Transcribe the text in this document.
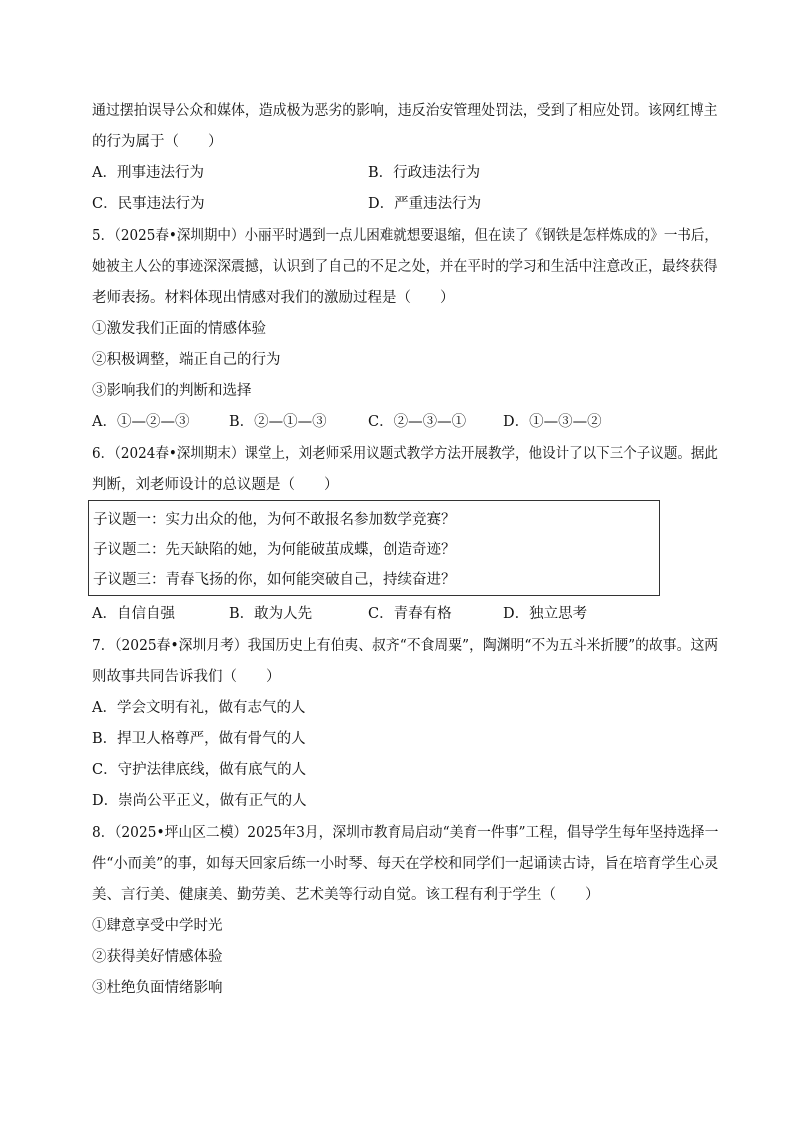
通过摆拍误导公众和媒体，造成极为恶劣的影响，违反治安管理处罚法，受到了相应处罚。该网红博主
的行为属于（　　）
A．刑事违法行为	B．行政违法行为
C．民事违法行为	D．严重违法行为
5．（2025春•深圳期中）小丽平时遇到一点儿困难就想要退缩，但在读了《钢铁是怎样炼成的》一书后，
她被主人公的事迹深深震撼，认识到了自己的不足之处，并在平时的学习和生活中注意改正，最终获得
老师表扬。材料体现出情感对我们的激励过程是（　　）
①激发我们正面的情感体验
②积极调整，端正自己的行为
③影响我们的判断和选择
A．①—②—③	B．②—①—③	C．②—③—①	D．①—③—②
6．（2024春•深圳期末）课堂上，刘老师采用议题式教学方法开展教学，他设计了以下三个子议题。据此
判断，刘老师设计的总议题是（　　）
子议题一：实力出众的他，为何不敢报名参加数学竞赛？
子议题二：先天缺陷的她，为何能破茧成蝶，创造奇迹？
子议题三：青春飞扬的你，如何能突破自己，持续奋进？
A．自信自强	B．敢为人先	C．青春有格	D．独立思考
7．（2025春•深圳月考）我国历史上有伯夷、叔齐“不食周粟”，陶渊明“不为五斗米折腰”的故事。这两
则故事共同告诉我们（　　）
A．学会文明有礼，做有志气的人
B．捍卫人格尊严，做有骨气的人
C．守护法律底线，做有底气的人
D．崇尚公平正义，做有正气的人
8．（2025•坪山区二模）2025年3月，深圳市教育局启动“美育一件事”工程，倡导学生每年坚持选择一
件“小而美”的事，如每天回家后练一小时琴、每天在学校和同学们一起诵读古诗，旨在培育学生心灵
美、言行美、健康美、勤劳美、艺术美等行动自觉。该工程有利于学生（　　）
①肆意享受中学时光
②获得美好情感体验
③杜绝负面情绪影响
